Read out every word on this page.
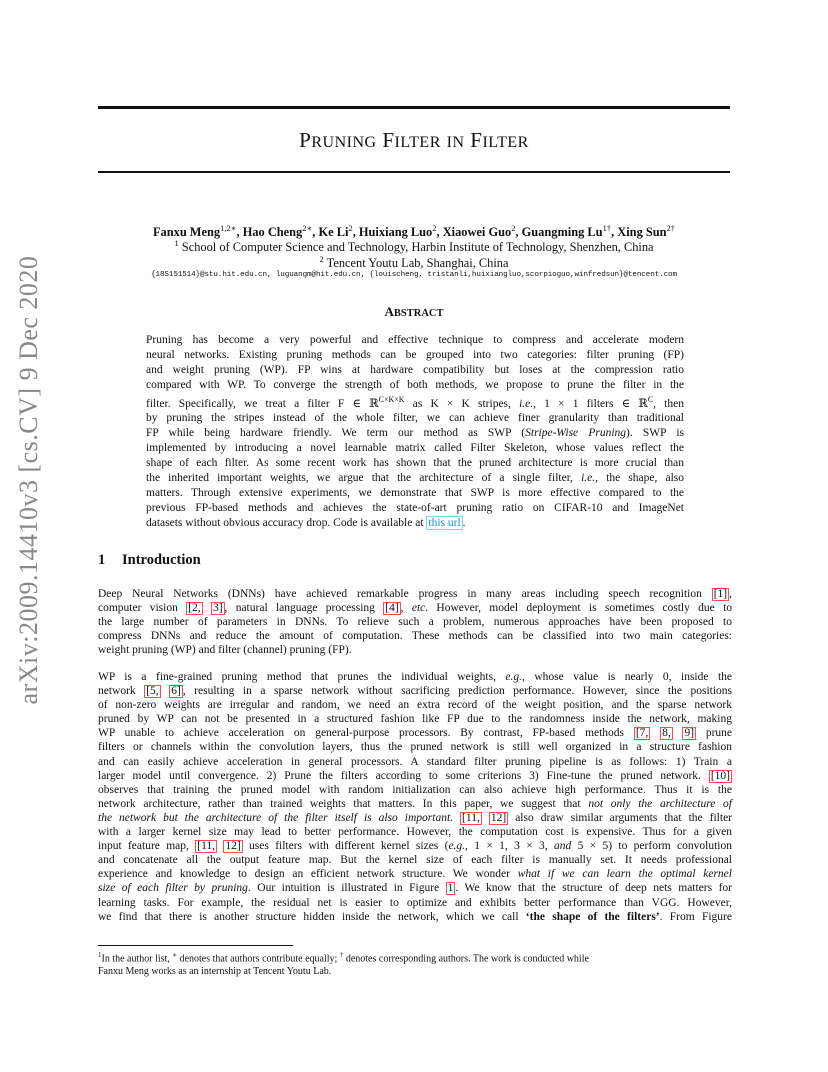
arXiv:2009.14410v3 [cs.CV] 9 Dec 2020
PRUNING FILTER IN FILTER
Fanxu Meng$^{1,2∗}$, Hao Cheng$^{2∗}$, Ke Li$^2$, Huixiang Luo$^2$, Xiaowei Guo$^2$, Guangming $Lu^{1\dagger}$, Xing Sun$^{2\dagger}$
$^1$ School of Computer Science and Technology, Harbin Institute of Technology, Shenzhen, China
$^2$ Tencent Youtu Lab, Shanghai, China
{18S151514}@stu.hit.edu.cn, luguangm@hit.edu.cn, {louischeng, tristanli,huixiangluo,scorpioguo,winfredsun}@tencent.com
ABSTRACT
Pruning has become a very powerful and effective technique to compress and accelerate modern
neural networks. Existing pruning methods can be grouped into two categories: filter pruning (FP)
and weight pruning (WP). FP wins at hardware compatibility but loses at the compression ratio
compared with WP. To converge the strength of both methods, we propose to prune the filter in the
filter. Specifically, we treat a filter F ∈ ℝ$^{C\times K\times K}$ as K × K stripes, i.e., 1 × 1 filters ∈ ℝ$^C$, then
by pruning the stripes instead of the whole filter, we can achieve finer granularity than traditional
FP while being hardware friendly. We term our method as SWP (Stripe-Wise Pruning). SWP is
implemented by introducing a novel learnable matrix called Filter Skeleton, whose values reflect the
shape of each filter. As some recent work has shown that the pruned architecture is more crucial than
the inherited important weights, we argue that the architecture of a single filter, i.e., the shape, also
matters. Through extensive experiments, we demonstrate that SWP is more effective compared to the
previous FP-based methods and achieves the state-of-art pruning ratio on CIFAR-10 and ImageNet
datasets without obvious accuracy drop. Code is available at this url .
1 Introduction
Deep Neural Networks (DNNs) have achieved remarkable progress in many areas including speech recognition [1] ,
computer vision [2, 3] , natural language processing [4] , etc. However, model deployment is sometimes costly due to
the large number of parameters in DNNs. To relieve such a problem, numerous approaches have been proposed to
compress DNNs and reduce the amount of computation. These methods can be classified into two main categories:
weight pruning (WP) and filter (channel) pruning (FP).
WP is a fine-grained pruning method that prunes the individual weights, e.g., whose value is nearly 0, inside the
network [5, 6] , resulting in a sparse network without sacrificing prediction performance. However, since the positions
of non-zero weights are irregular and random, we need an extra record of the weight position, and the sparse network
pruned by WP can not be presented in a structured fashion like FP due to the randomness inside the network, making
WP unable to achieve acceleration on general-purpose processors. By contrast, FP-based methods [7, 8, 9] prune
filters or channels within the convolution layers, thus the pruned network is still well organized in a structure fashion
and can easily achieve acceleration in general processors. A standard filter pruning pipeline is as follows: 1) Train a
larger model until convergence. 2) Prune the filters according to some criterions 3) Fine-tune the pruned network. [10]
observes that training the pruned model with random initialization can also achieve high performance. Thus it is the
network architecture, rather than trained weights that matters. In this paper, we suggest that not only the architecture of
the network but the architecture of the filter itself is also important. [11, 12] also draw similar arguments that the filter
with a larger kernel size may lead to better performance. However, the computation cost is expensive. Thus for a given
input feature map, [11, 12] uses filters with different kernel sizes (e.g., 1 × 1, 3 × 3, and 5 × 5) to perform convolution
and concatenate all the output feature map. But the kernel size of each filter is manually set. It needs professional
experience and knowledge to design an efficient network structure. We wonder what if we can learn the optimal kernel
size of each filter by pruning. Our intuition is illustrated in Figure 1 . We know that the structure of deep nets matters for
learning tasks. For example, the residual net is easier to optimize and exhibits better performance than VGG. However,
we find that there is another structure hidden inside the network, which we call ‘the shape of the filters’. From Figure
$^1$In the author list, ∗ denotes that authors contribute equally; † denotes corresponding authors. The work is conducted while
Fanxu Meng works as an internship at Tencent Youtu Lab.
